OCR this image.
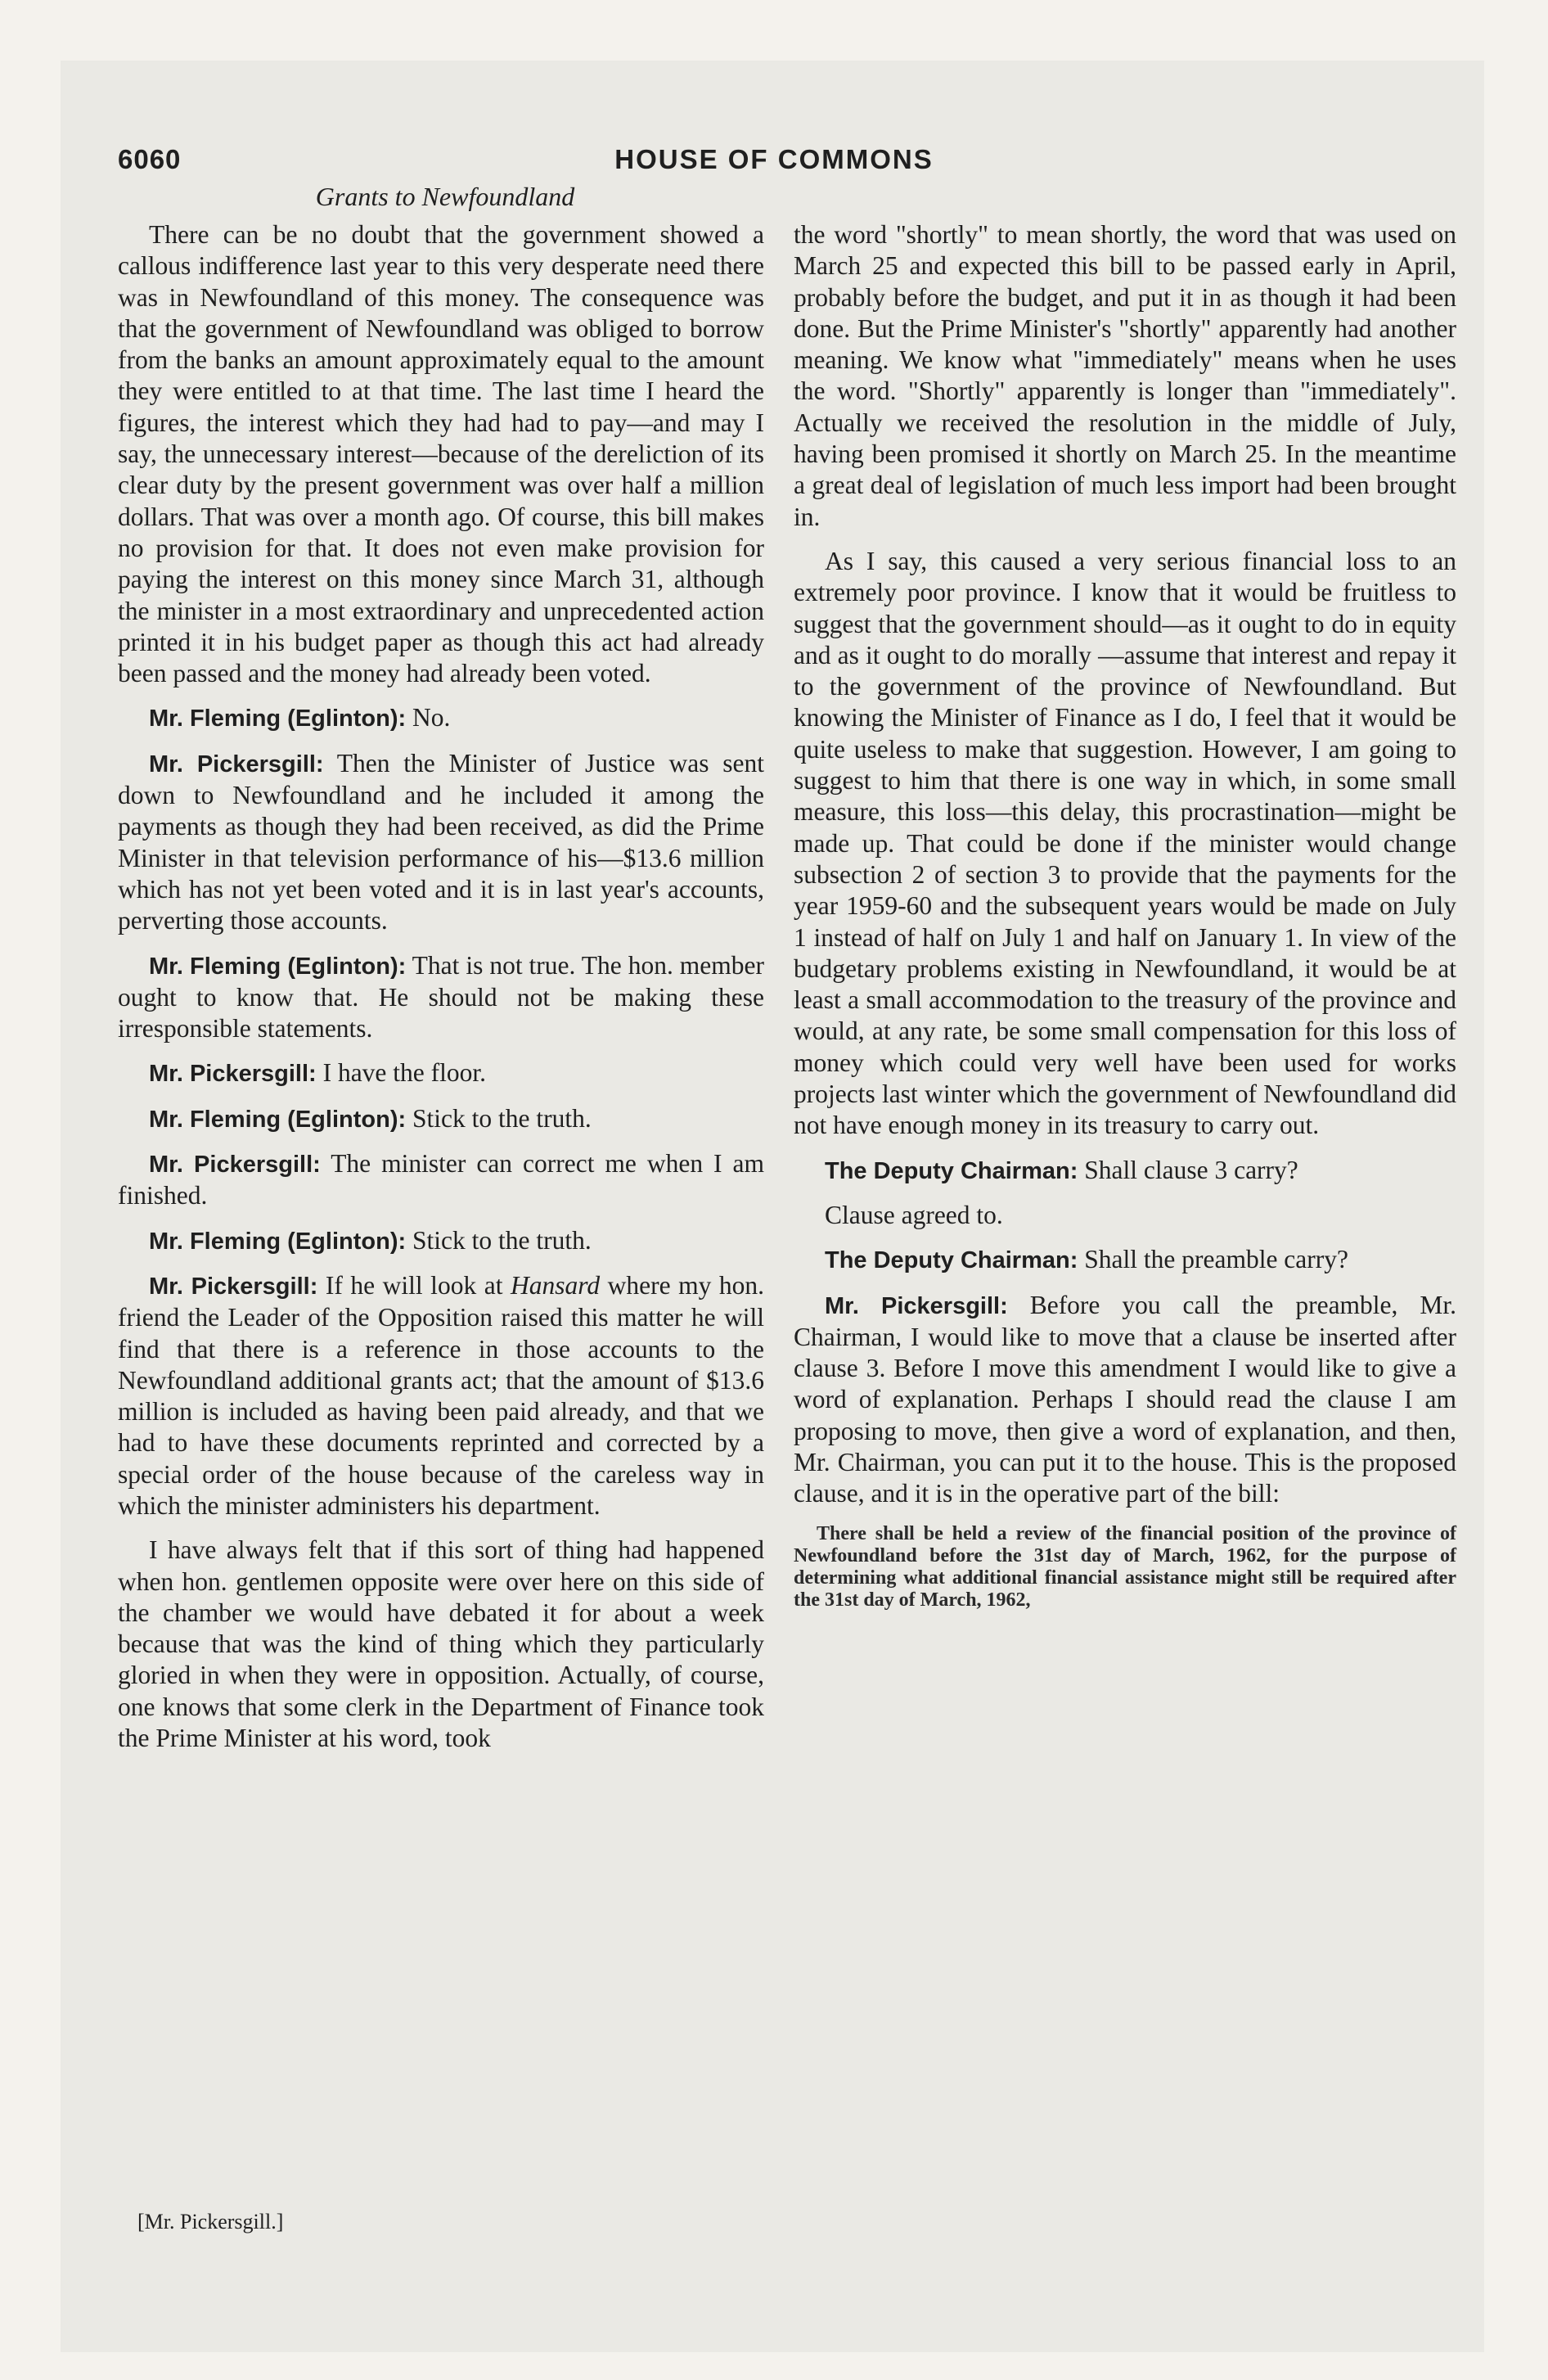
6060	HOUSE OF COMMONS
Grants to Newfoundland

There can be no doubt that the government showed a callous indifference last year to this very desperate need there was in Newfoundland of this money. The consequence was that the government of Newfoundland was obliged to borrow from the banks an amount approximately equal to the amount they were entitled to at that time. The last time I heard the figures, the interest which they had had to pay—and may I say, the unnecessary interest—because of the dereliction of its clear duty by the present government was over half a million dollars. That was over a month ago. Of course, this bill makes no provision for that. It does not even make provision for paying the interest on this money since March 31, although the minister in a most extraordinary and unprecedented action printed it in his budget paper as though this act had already been passed and the money had already been voted.

Mr. Fleming (Eglinton): No.

Mr. Pickersgill: Then the Minister of Justice was sent down to Newfoundland and he included it among the payments as though they had been received, as did the Prime Minister in that television performance of his—$13.6 million which has not yet been voted and it is in last year's accounts, perverting those accounts.

Mr. Fleming (Eglinton): That is not true. The hon. member ought to know that. He should not be making these irresponsible statements.

Mr. Pickersgill: I have the floor.

Mr. Fleming (Eglinton): Stick to the truth.

Mr. Pickersgill: The minister can correct me when I am finished.

Mr. Fleming (Eglinton): Stick to the truth.

Mr. Pickersgill: If he will look at Hansard where my hon. friend the Leader of the Opposition raised this matter he will find that there is a reference in those accounts to the Newfoundland additional grants act; that the amount of $13.6 million is included as having been paid already, and that we had to have these documents reprinted and corrected by a special order of the house because of the careless way in which the minister administers his department.

I have always felt that if this sort of thing had happened when hon. gentlemen opposite were over here on this side of the chamber we would have debated it for about a week because that was the kind of thing which they particularly gloried in when they were in opposition. Actually, of course, one knows that some clerk in the Department of Finance took the Prime Minister at his word, took

the word "shortly" to mean shortly, the word that was used on March 25 and expected this bill to be passed early in April, probably before the budget, and put it in as though it had been done. But the Prime Minister's "shortly" apparently had another meaning. We know what "immediately" means when he uses the word. "Shortly" apparently is longer than "immediately". Actually we received the resolution in the middle of July, having been promised it shortly on March 25. In the meantime a great deal of legislation of much less import had been brought in.

As I say, this caused a very serious financial loss to an extremely poor province. I know that it would be fruitless to suggest that the government should—as it ought to do in equity and as it ought to do morally —assume that interest and repay it to the government of the province of Newfoundland. But knowing the Minister of Finance as I do, I feel that it would be quite useless to make that suggestion. However, I am going to suggest to him that there is one way in which, in some small measure, this loss—this delay, this procrastination—might be made up. That could be done if the minister would change subsection 2 of section 3 to provide that the payments for the year 1959-60 and the subsequent years would be made on July 1 instead of half on July 1 and half on January 1. In view of the budgetary problems existing in Newfoundland, it would be at least a small accommodation to the treasury of the province and would, at any rate, be some small compensation for this loss of money which could very well have been used for works projects last winter which the government of Newfoundland did not have enough money in its treasury to carry out.

The Deputy Chairman: Shall clause 3 carry?

Clause agreed to.

The Deputy Chairman: Shall the preamble carry?

Mr. Pickersgill: Before you call the preamble, Mr. Chairman, I would like to move that a clause be inserted after clause 3. Before I move this amendment I would like to give a word of explanation. Perhaps I should read the clause I am proposing to move, then give a word of explanation, and then, Mr. Chairman, you can put it to the house. This is the proposed clause, and it is in the operative part of the bill:

There shall be held a review of the financial position of the province of Newfoundland before the 31st day of March, 1962, for the purpose of determining what additional financial assistance might still be required after the 31st day of March, 1962,
[Mr. Pickersgill.]
